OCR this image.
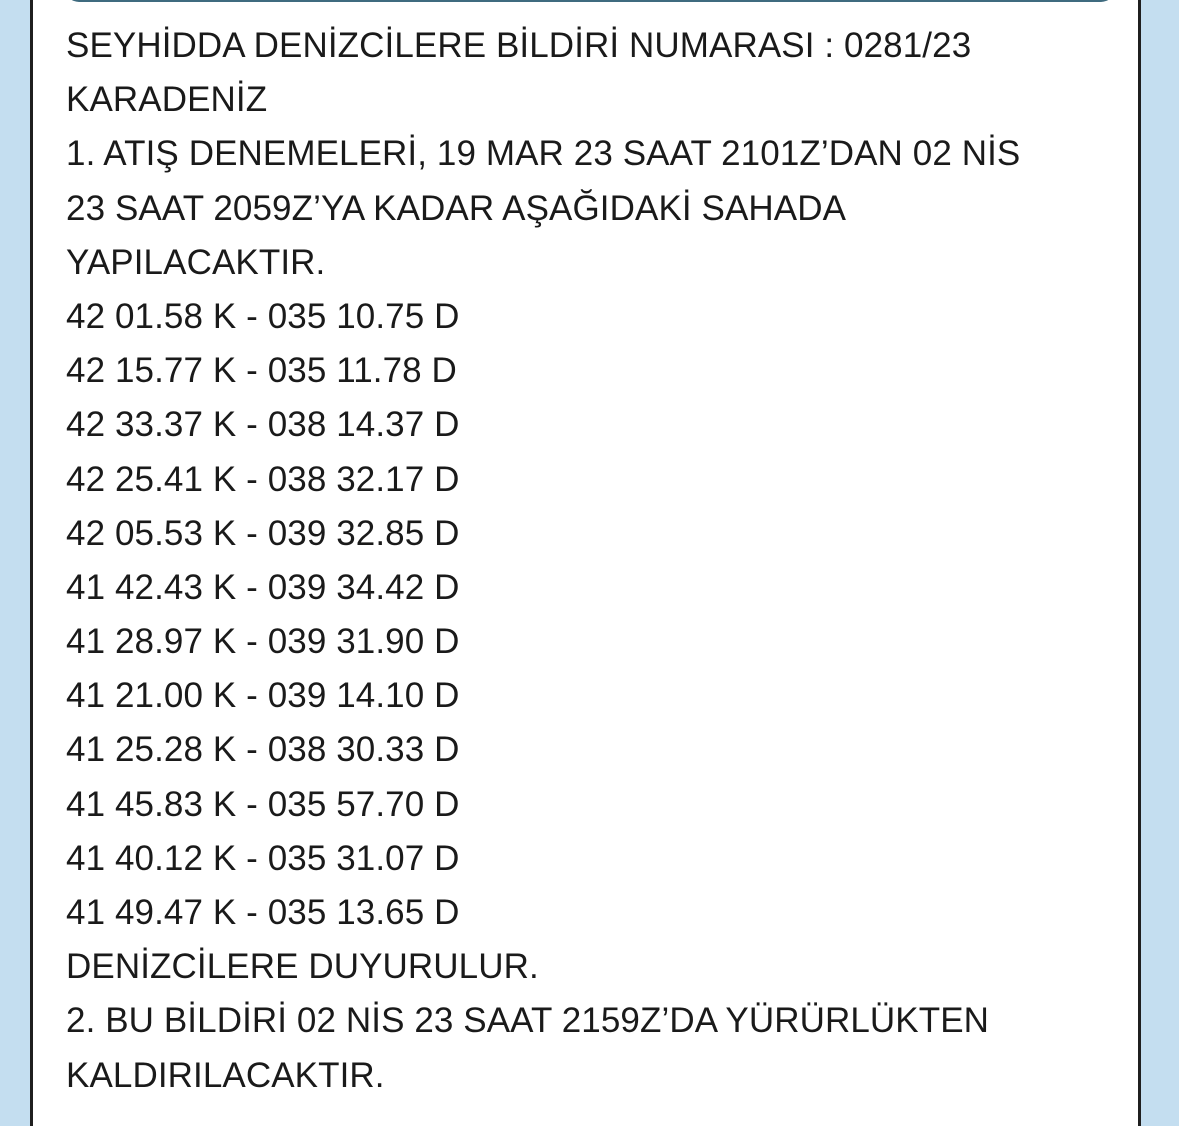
SEYHİDDA DENİZCİLERE BİLDİRİ NUMARASI : 0281/23
KARADENİZ
1. ATIŞ DENEMELERİ, 19 MAR 23 SAAT 2101Z’DAN 02 NİS
23 SAAT 2059Z’YA KADAR AŞAĞIDAKİ SAHADA
YAPILACAKTIR.
42 01.58 K - 035 10.75 D
42 15.77 K - 035 11.78 D
42 33.37 K - 038 14.37 D
42 25.41 K - 038 32.17 D
42 05.53 K - 039 32.85 D
41 42.43 K - 039 34.42 D
41 28.97 K - 039 31.90 D
41 21.00 K - 039 14.10 D
41 25.28 K - 038 30.33 D
41 45.83 K - 035 57.70 D
41 40.12 K - 035 31.07 D
41 49.47 K - 035 13.65 D
DENİZCİLERE DUYURULUR.
2. BU BİLDİRİ 02 NİS 23 SAAT 2159Z’DA YÜRÜRLÜKTEN
KALDIRILACAKTIR.
